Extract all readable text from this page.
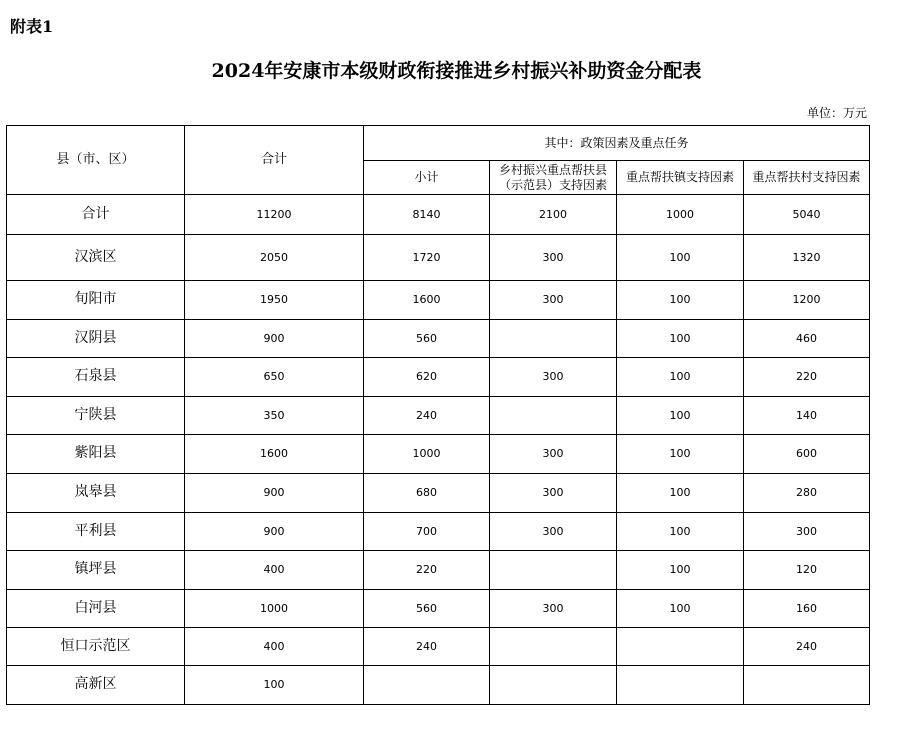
附表1
2024年安康市本级财政衔接推进乡村振兴补助资金分配表
单位：万元
县（市、区）	合计	其中：政策因素及重点任务			
		小计	乡村振兴重点帮扶县（示范县）支持因素	重点帮扶镇支持因素	重点帮扶村支持因素
合计	11200	8140	2100	1000	5040
汉滨区	2050	1720	300	100	1320
旬阳市	1950	1600	300	100	1200
汉阴县	900	560		100	460
石泉县	650	620	300	100	220
宁陕县	350	240		100	140
紫阳县	1600	1000	300	100	600
岚皋县	900	680	300	100	280
平利县	900	700	300	100	300
镇坪县	400	220		100	120
白河县	1000	560	300	100	160
恒口示范区	400	240			240
高新区	100				
